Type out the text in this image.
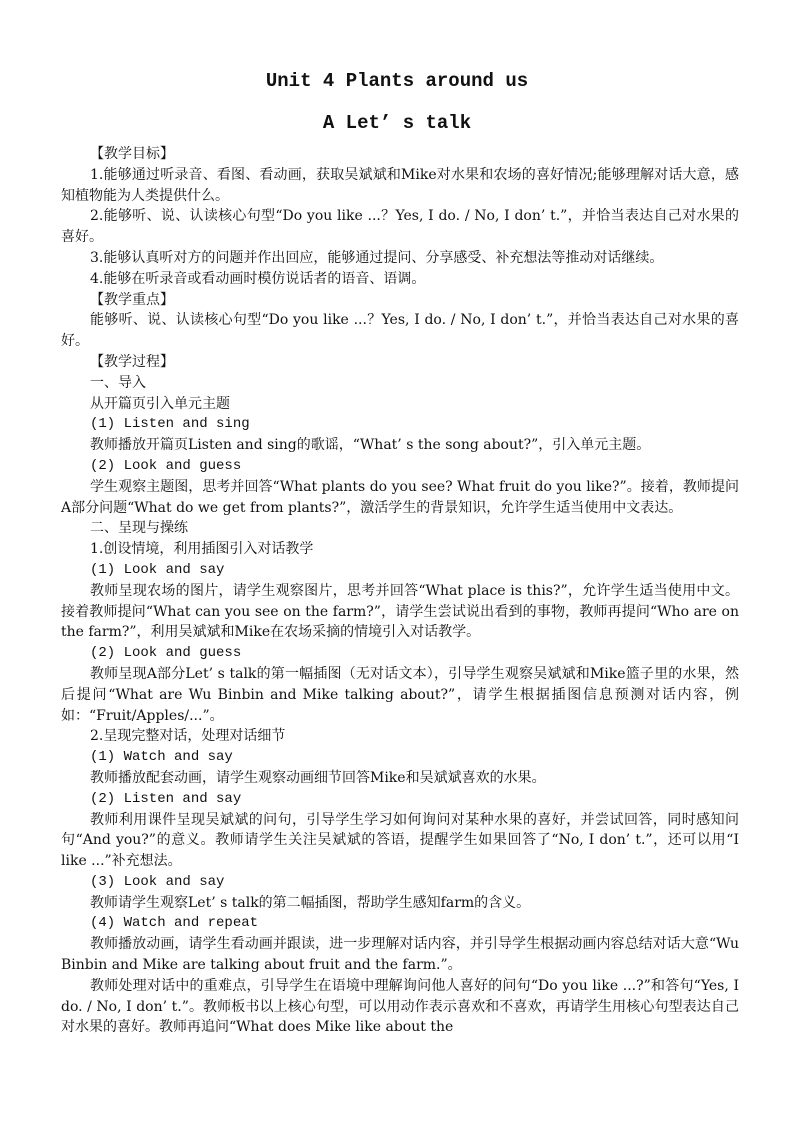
Unit 4 Plants around us
A Let’ s talk

【教学目标】

1.能够通过听录音、看图、看动画，获取吴斌斌和Mike对水果和农场的喜好情况;能够理解对话大意，感知植物能为人类提供什么。

2.能够听、说、认读核心句型“Do you like ...？Yes, I do. / No, I don’ t.”，并恰当表达自己对水果的喜好。

3.能够认真听对方的问题并作出回应，能够通过提问、分享感受、补充想法等推动对话继续。

4.能够在听录音或看动画时模仿说话者的语音、语调。

【教学重点】

能够听、说、认读核心句型“Do you like ...？Yes, I do. / No, I don’ t.”，并恰当表达自己对水果的喜好。

【教学过程】

一、导入

从开篇页引入单元主题

(1) Listen and sing

教师播放开篇页Listen and sing的歌谣，“What’ s the song about?”，引入单元主题。

(2) Look and guess

学生观察主题图，思考并回答“What plants do you see? What fruit do you like?”。接着，教师提问A部分问题“What do we get from plants?”，激活学生的背景知识，允许学生适当使用中文表达。

二、呈现与操练

1.创设情境，利用插图引入对话教学

(1) Look and say

教师呈现农场的图片，请学生观察图片，思考并回答“What place is this?”，允许学生适当使用中文。接着教师提问“What can you see on the farm?”，请学生尝试说出看到的事物，教师再提问“Who are on the farm?”，利用吴斌斌和Mike在农场采摘的情境引入对话教学。

(2) Look and guess

教师呈现A部分Let’ s talk的第一幅插图（无对话文本），引导学生观察吴斌斌和Mike篮子里的水果，然后提问“What are Wu Binbin and Mike talking about?”，请学生根据插图信息预测对话内容，例如：“Fruit/Apples/...”。

2.呈现完整对话，处理对话细节

(1) Watch and say

教师播放配套动画，请学生观察动画细节回答Mike和吴斌斌喜欢的水果。

(2) Listen and say

教师利用课件呈现吴斌斌的问句，引导学生学习如何询问对某种水果的喜好，并尝试回答，同时感知问句“And you?”的意义。教师请学生关注吴斌斌的答语，提醒学生如果回答了“No, I don’ t.”，还可以用“I like ...”补充想法。

(3) Look and say

教师请学生观察Let’ s talk的第二幅插图，帮助学生感知farm的含义。

(4) Watch and repeat

教师播放动画，请学生看动画并跟读，进一步理解对话内容，并引导学生根据动画内容总结对话大意“Wu Binbin and Mike are talking about fruit and the farm.”。

教师处理对话中的重难点，引导学生在语境中理解询问他人喜好的问句“Do you like ...?”和答句“Yes, I do. / No, I don’ t.”。教师板书以上核心句型，可以用动作表示喜欢和不喜欢，再请学生用核心句型表达自己对水果的喜好。教师再追问“What does Mike like about the
